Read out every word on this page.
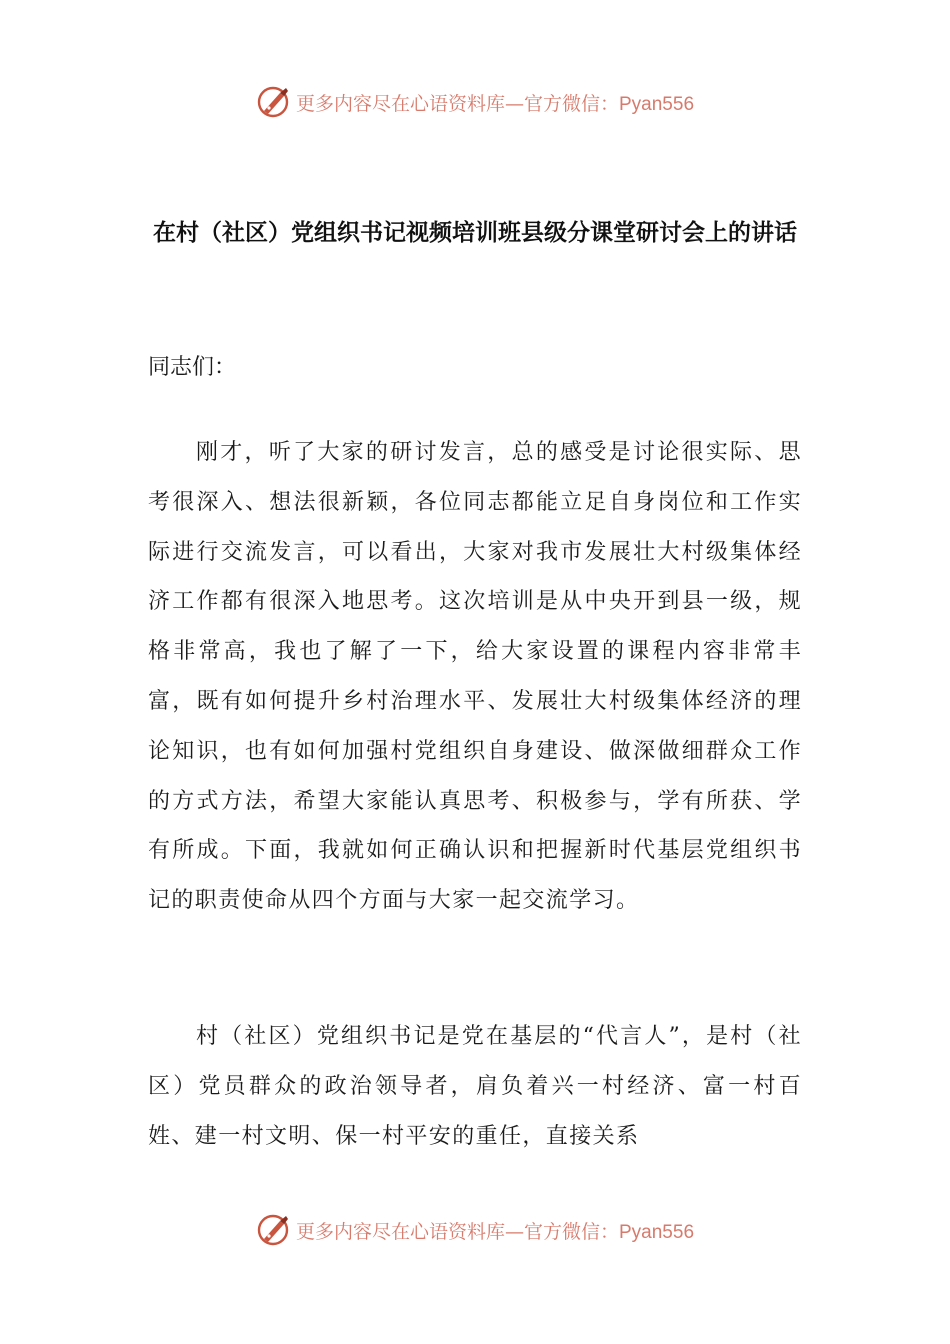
更多内容尽在心语资料库—官方微信：Pyan556
在村（社区）党组织书记视频培训班县级分课堂研讨会上的讲话
同志们：
刚才，听了大家的研讨发言，总的感受是讨论很实际、思考很深入、想法很新颖，各位同志都能立足自身岗位和工作实际进行交流发言，可以看出，大家对我市发展壮大村级集体经济工作都有很深入地思考。这次培训是从中央开到县一级，规格非常高，我也了解了一下，给大家设置的课程内容非常丰富，既有如何提升乡村治理水平、发展壮大村级集体经济的理论知识，也有如何加强村党组织自身建设、做深做细群众工作的方式方法，希望大家能认真思考、积极参与，学有所获、学有所成。下面，我就如何正确认识和把握新时代基层党组织书记的职责使命从四个方面与大家一起交流学习。
村（社区）党组织书记是党在基层的“代言人”，是村（社区）党员群众的政治领导者，肩负着兴一村经济、富一村百姓、建一村文明、保一村平安的重任，直接关系
更多内容尽在心语资料库—官方微信：Pyan556
